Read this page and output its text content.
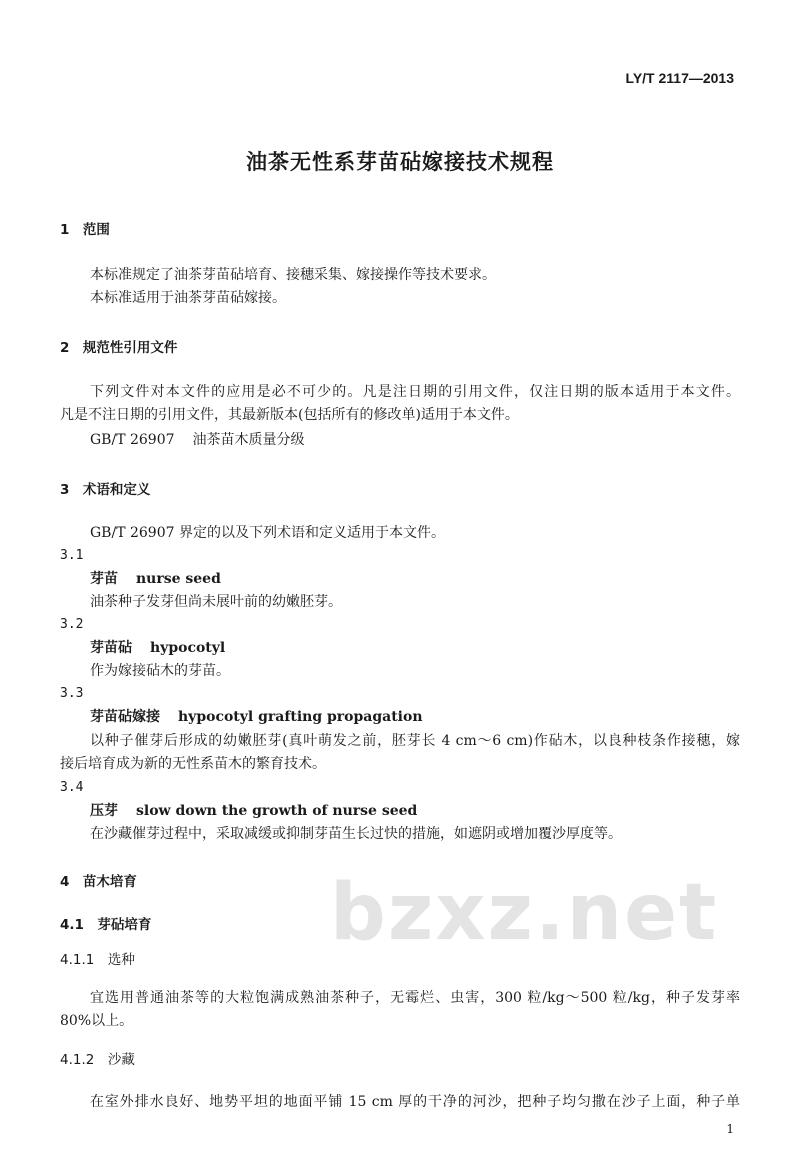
bzxz.net
LY/T 2117—2013
油茶无性系芽苗砧嫁接技术规程
1　范围
本标准规定了油茶芽苗砧培育、接穗采集、嫁接操作等技术要求。
本标准适用于油茶芽苗砧嫁接。
2　规范性引用文件
下列文件对本文件的应用是必不可少的。凡是注日期的引用文件，仅注日期的版本适用于本文件。
凡是不注日期的引用文件，其最新版本(包括所有的修改单)适用于本文件。
GB/T 26907 油茶苗木质量分级
3　术语和定义
GB/T 26907 界定的以及下列术语和定义适用于本文件。
3.1
芽苗 nurse seed
油茶种子发芽但尚未展叶前的幼嫩胚芽。
3.2
芽苗砧 hypocotyl
作为嫁接砧木的芽苗。
3.3
芽苗砧嫁接 hypocotyl grafting propagation
以种子催芽后形成的幼嫩胚芽(真叶萌发之前，胚芽长 4 cm～6 cm)作砧木，以良种枝条作接穗，嫁
接后培育成为新的无性系苗木的繁育技术。
3.4
压芽 slow down the growth of nurse seed
在沙藏催芽过程中，采取减缓或抑制芽苗生长过快的措施，如遮阴或增加覆沙厚度等。
4　苗木培育
4.1　芽砧培育
4.1.1　选种
宜选用普通油茶等的大粒饱满成熟油茶种子，无霉烂、虫害，300 粒/kg～500 粒/kg，种子发芽率
80%以上。
4.1.2　沙藏
在室外排水良好、地势平坦的地面平铺 15 cm 厚的干净的河沙，把种子均匀撒在沙子上面，种子单
1
